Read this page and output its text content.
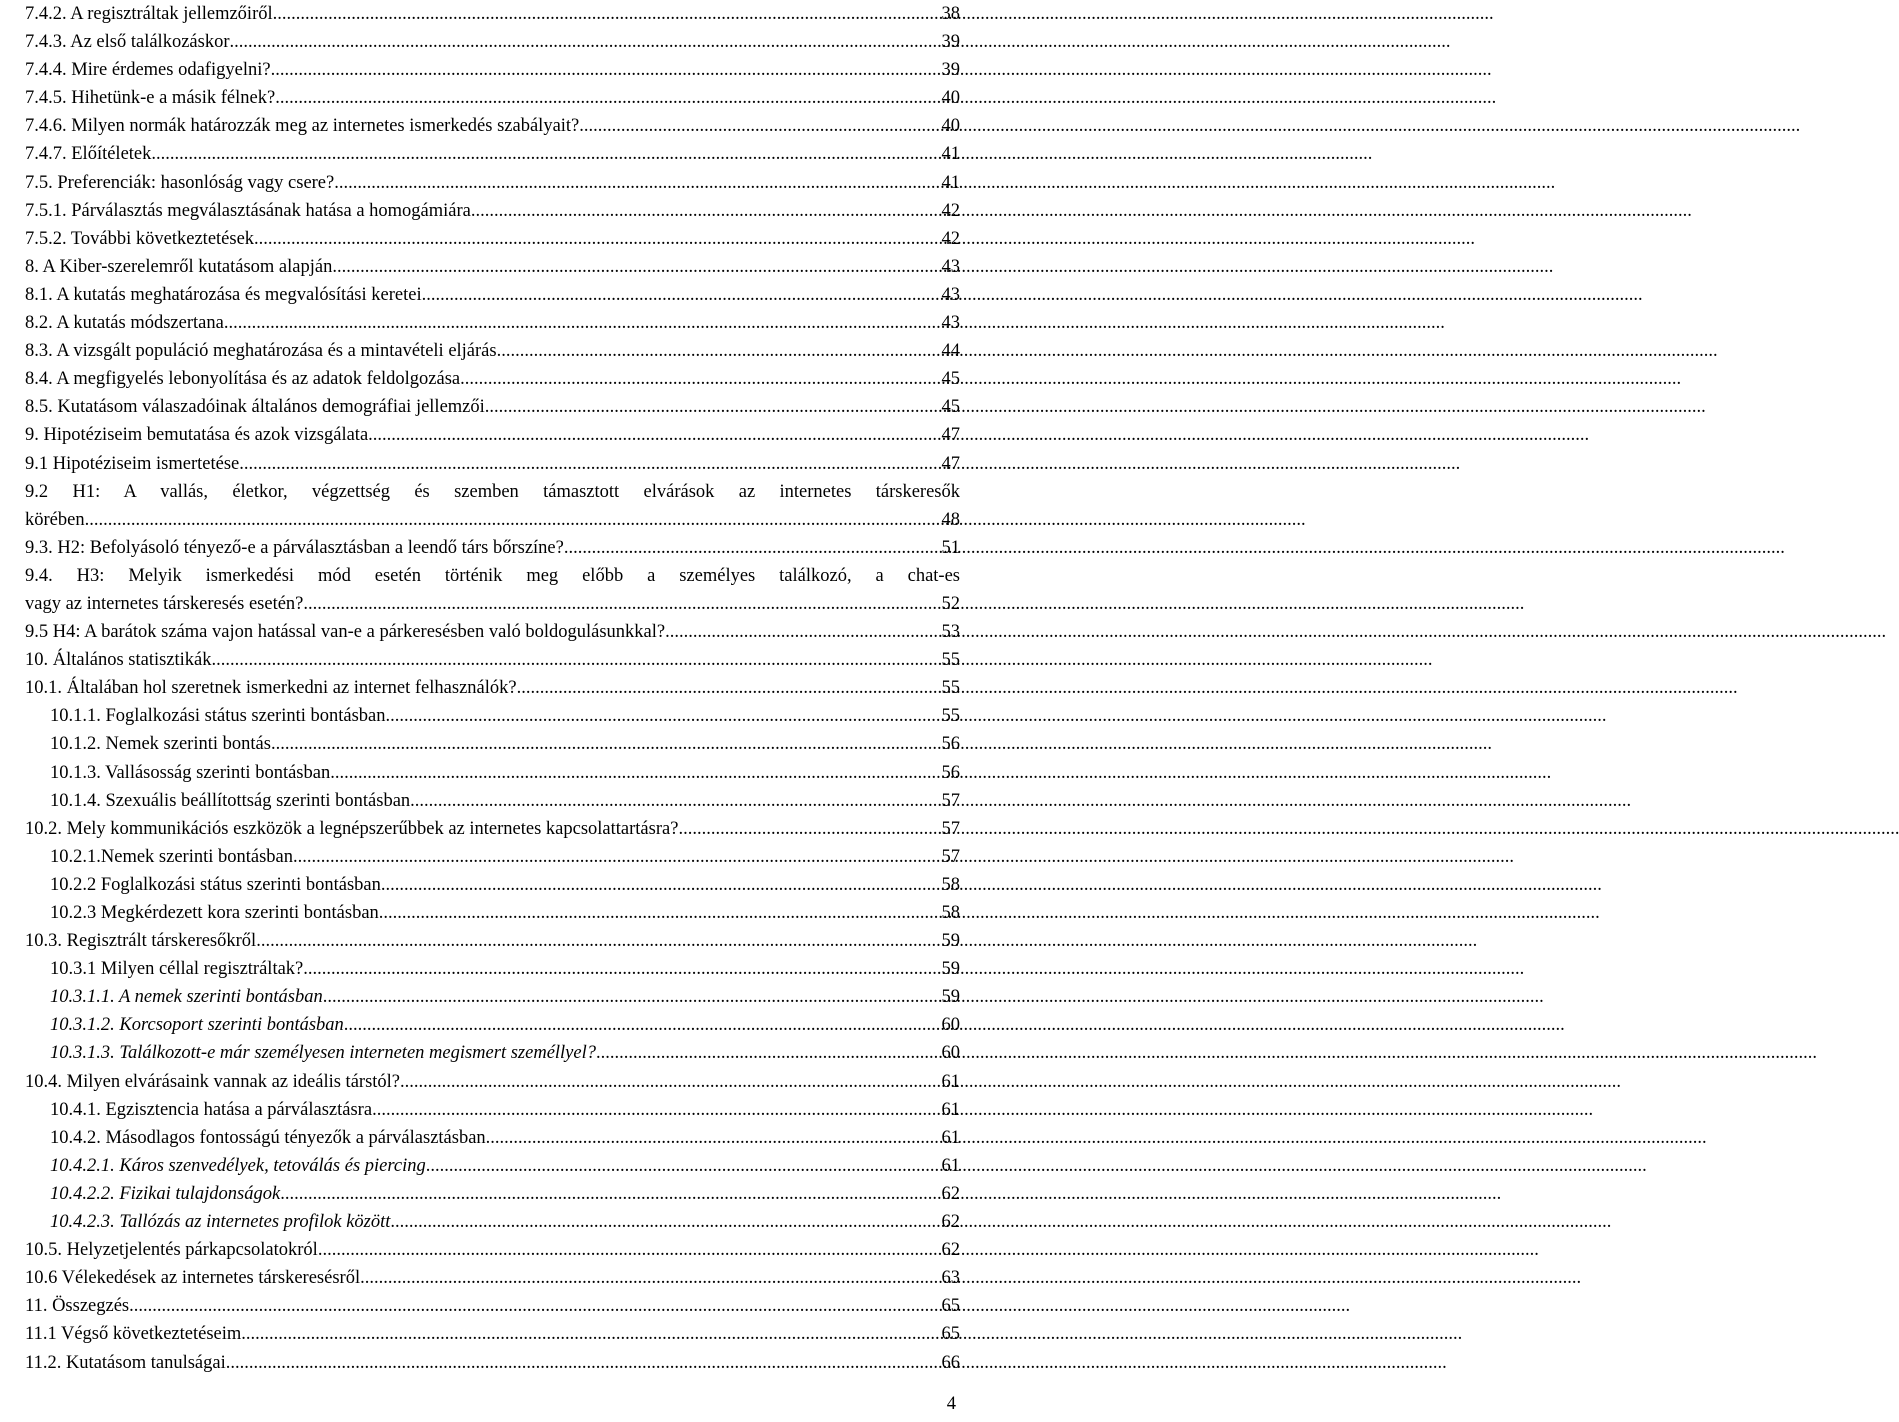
7.4.2. A regisztráltak jellemzőiről .....	38
7.4.3. Az első találkozáskor .....	39
7.4.4. Mire érdemes odafigyelni? .....	39
7.4.5. Hihetünk-e a másik félnek? .....	40
7.4.6. Milyen normák határozzák meg az internetes ismerkedés szabályait? .....	40
7.4.7. Előítéletek .....	41
7.5. Preferenciák: hasonlóság vagy csere? .....	41
7.5.1. Párválasztás megválasztásának hatása a homogámiára .....	42
7.5.2. További következtetések .....	42
8. A Kiber-szerelemről kutatásom alapján .....	43
8.1. A kutatás meghatározása és megvalósítási keretei .....	43
8.2. A kutatás módszertana .....	43
8.3. A vizsgált populáció meghatározása és a mintavételi eljárás .....	44
8.4. A megfigyelés lebonyolítása és az adatok feldolgozása .....	45
8.5. Kutatásom válaszadóinak általános demográfiai jellemzői .....	45
9. Hipotéziseim bemutatása és azok vizsgálata .....	47
9.1 Hipotéziseim ismertetése .....	47
9.2 H1: A vallás, életkor, végzettség és szemben támasztott elvárások az internetes társkeresők
körében .....	48
9.3. H2: Befolyásoló tényező-e a párválasztásban a leendő társ bőrszíne? .....	51
9.4. H3: Melyik ismerkedési mód esetén történik meg előbb a személyes találkozó, a chat-es
vagy az internetes társkeresés esetén? .....	52
9.5 H4: A barátok száma vajon hatással van-e a párkeresésben való boldogulásunkkal? .....	53
10. Általános statisztikák .....	55
10.1. Általában hol szeretnek ismerkedni az internet felhasználók? .....	55
10.1.1. Foglalkozási státus szerinti bontásban .....	55
10.1.2. Nemek szerinti bontás .....	56
10.1.3. Vallásosság szerinti bontásban .....	56
10.1.4. Szexuális beállítottság szerinti bontásban .....	57
10.2. Mely kommunikációs eszközök a legnépszerűbbek az internetes kapcsolattartásra? .....	57
10.2.1.Nemek szerinti bontásban .....	57
10.2.2 Foglalkozási státus szerinti bontásban .....	58
10.2.3 Megkérdezett kora szerinti bontásban .....	58
10.3. Regisztrált társkeresőkről .....	59
10.3.1 Milyen céllal regisztráltak? .....	59
10.3.1.1. A nemek szerinti bontásban .....	59
10.3.1.2. Korcsoport szerinti bontásban .....	60
10.3.1.3. Találkozott-e már személyesen interneten megismert személlyel? .....	60
10.4. Milyen elvárásaink vannak az ideális társtól? .....	61
10.4.1. Egzisztencia hatása a párválasztásra .....	61
10.4.2. Másodlagos fontosságú tényezők a párválasztásban .....	61
10.4.2.1. Káros szenvedélyek, tetoválás és piercing .....	61
10.4.2.2. Fizikai tulajdonságok .....	62
10.4.2.3. Tallózás az internetes profilok között .....	62
10.5. Helyzetjelentés párkapcsolatokról .....	62
10.6 Vélekedések az internetes társkeresésről .....	63
11. Összegzés .....	65
11.1 Végső következtetéseim .....	65
11.2. Kutatásom tanulságai .....	66
4
